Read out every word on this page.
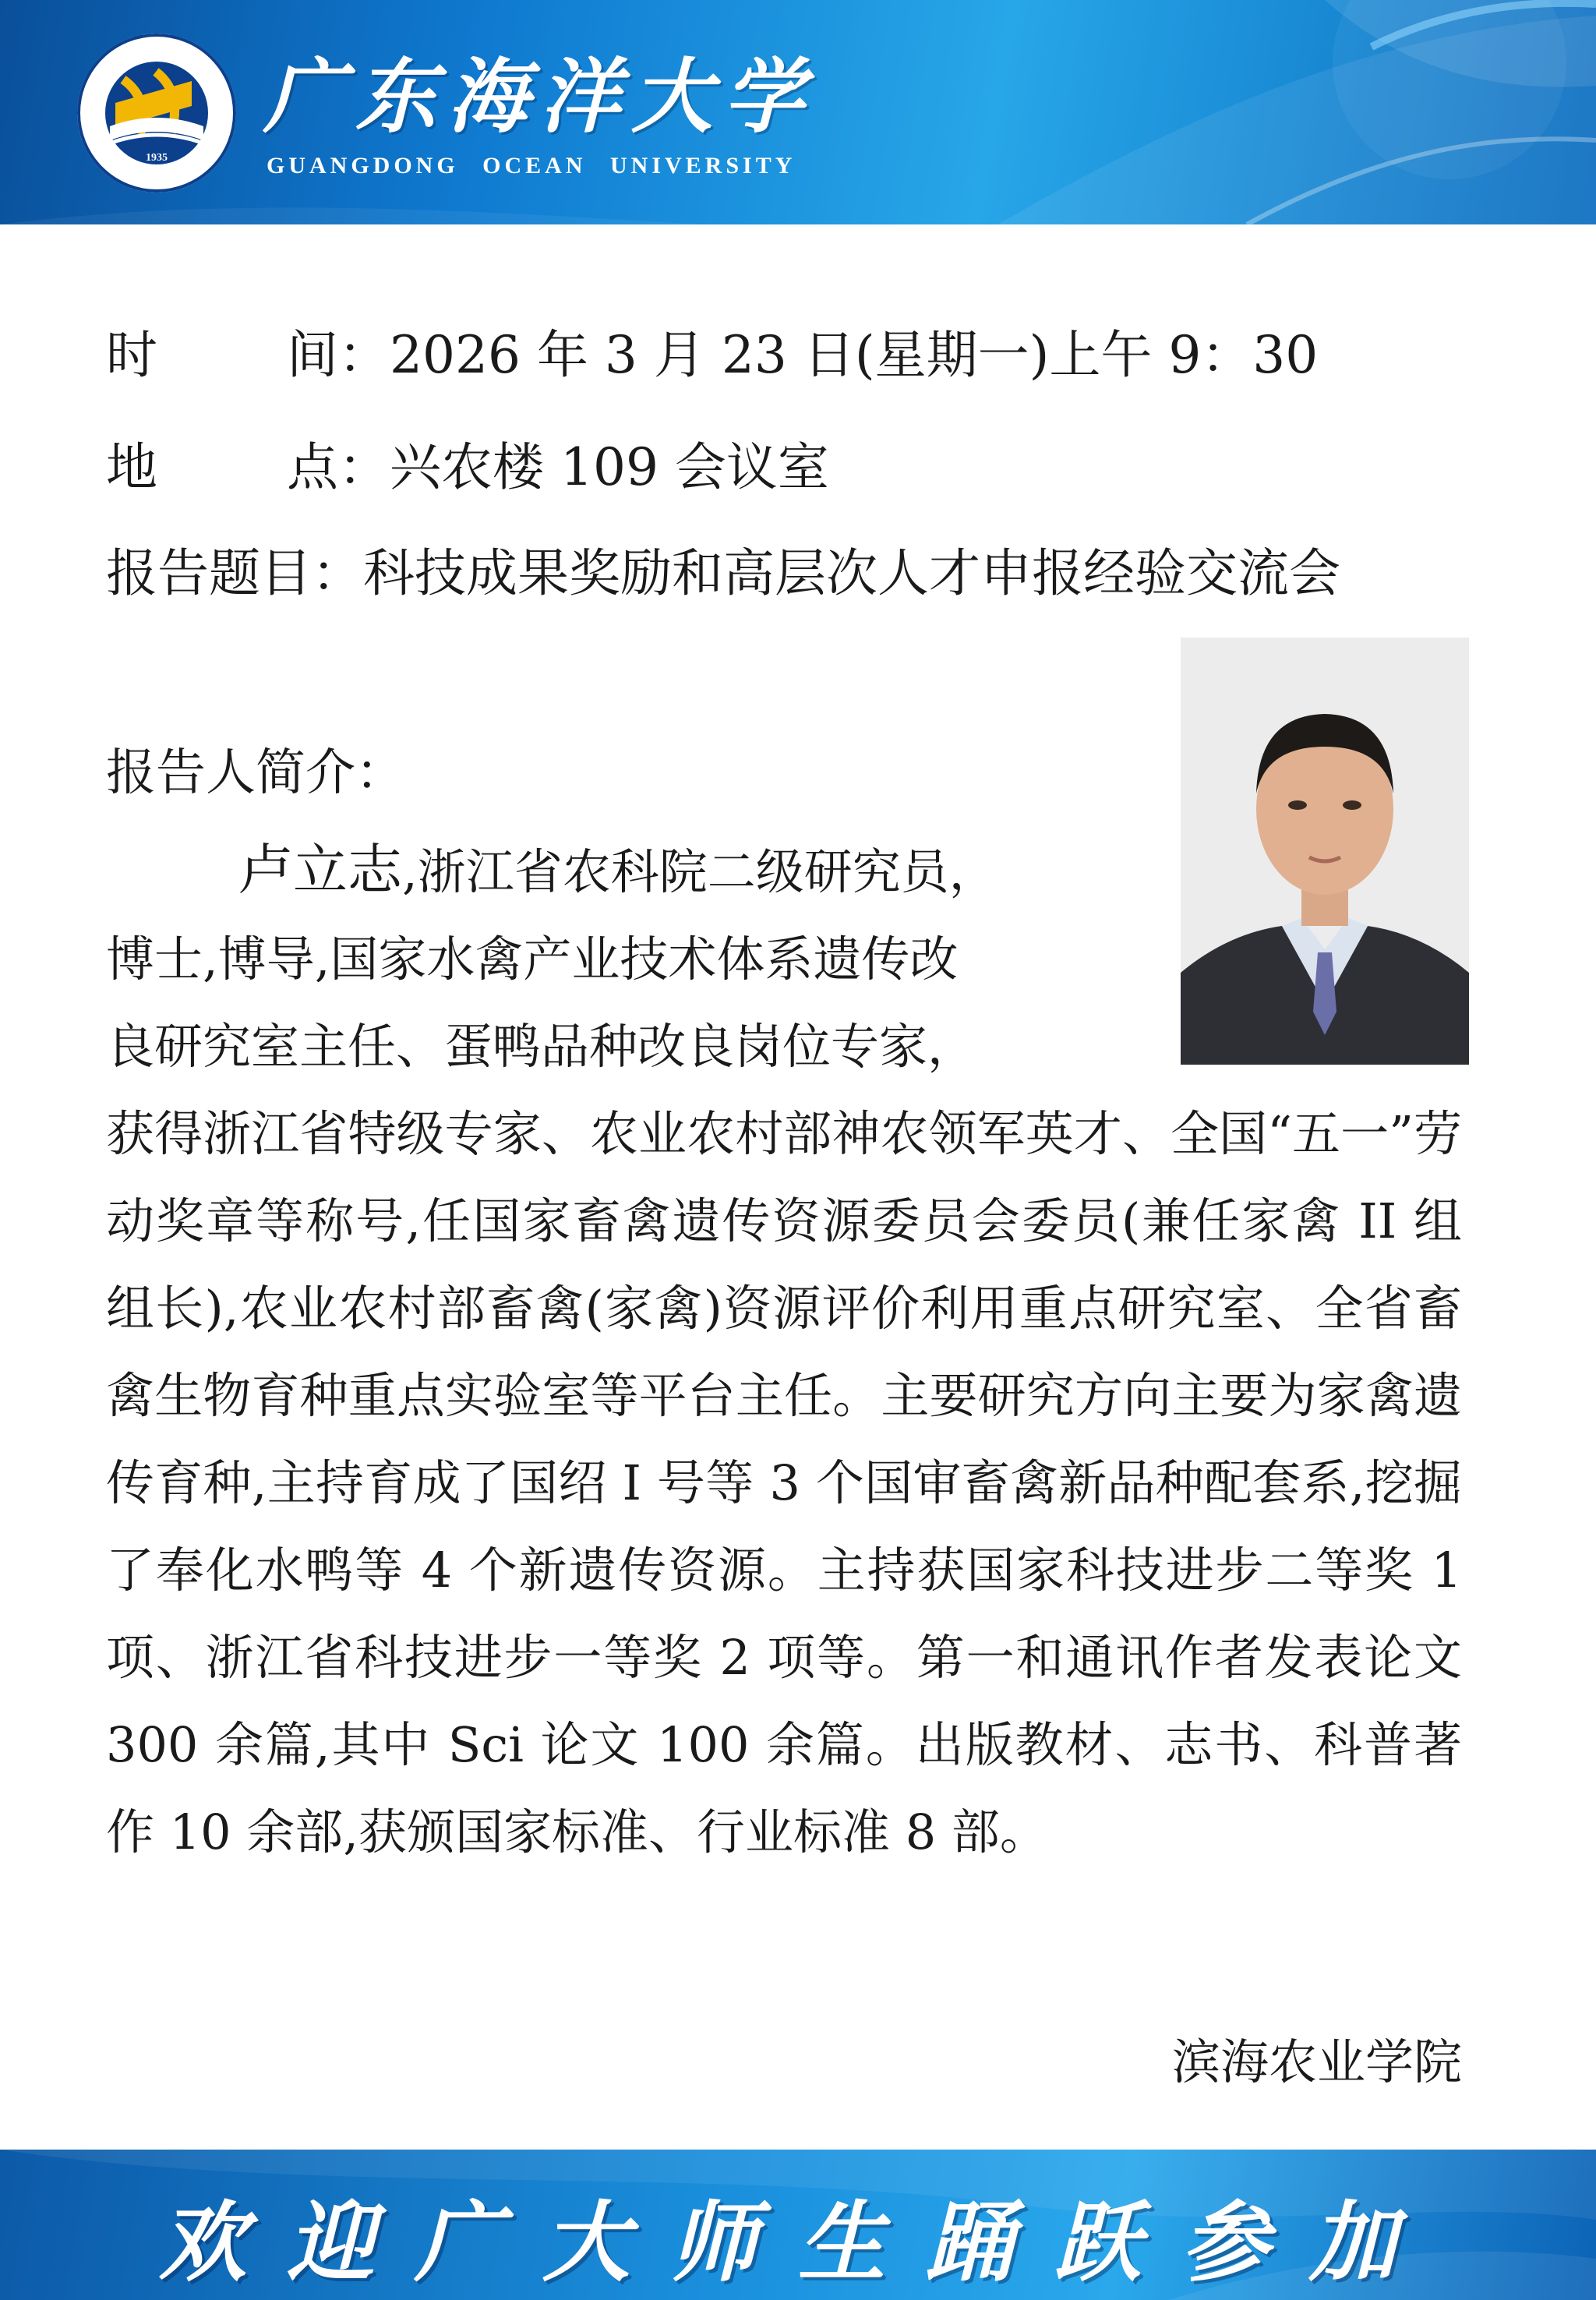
1935
广东海洋大学
GUANGDONG OCEAN UNIVERSITY
时	间：2026 年 3 月 23 日(星期一)上午 9：30
地	点：兴农楼 109 会议室
报告题目：科技成果奖励和高层次人才申报经验交流会
报告人简介：
卢立志,浙江省农科院二级研究员，
博士,博导,国家水禽产业技术体系遗传改
良研究室主任、蛋鸭品种改良岗位专家，
获得浙江省特级专家、农业农村部神农领军英才、全国“五一”劳动奖章等称号,任国家畜禽遗传资源委员会委员(兼任家禽 II 组组长),农业农村部畜禽(家禽)资源评价利用重点研究室、全省畜禽生物育种重点实验室等平台主任。主要研究方向主要为家禽遗传育种,主持育成了国绍 I 号等 3 个国审畜禽新品种配套系,挖掘了奉化水鸭等 4 个新遗传资源。主持获国家科技进步二等奖 1 项、浙江省科技进步一等奖 2 项等。第一和通讯作者发表论文 300 余篇,其中 Sci 论文 100 余篇。出版教材、志书、科普著作 10 余部,获颁国家标准、行业标准 8 部。
滨海农业学院
欢迎广大师生踊跃参加
